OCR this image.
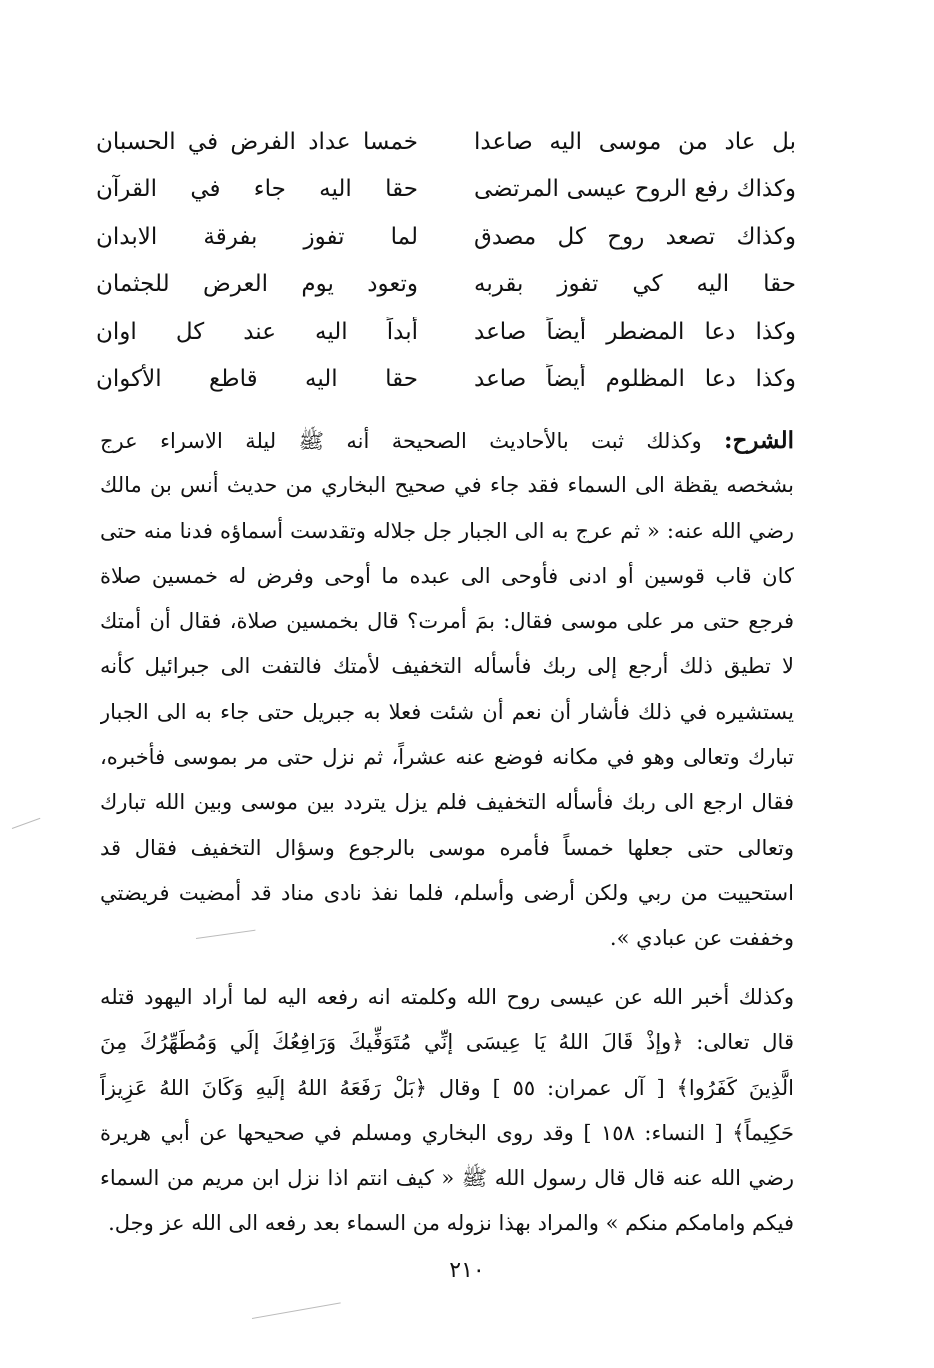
بل عاد من موسى اليه صاعدا
خمسا عداد الفرض في الحسبان
وكذاك رفع الروح عيسى المرتضى
حقا اليه جاء في القرآن
وكذاك تصعد روح كل مصدق
لما تفوز بفرقة الابدان
حقا اليه كي تفوز بقربه
وتعود يوم العرض للجثمان
وكذا دعا المضطر أيضاً صاعد
أبداً اليه عند كل اوان
وكذا دعا المظلوم أيضاً صاعد
حقا اليه قاطع الأكوان
الشرح: وكذلك ثبت بالأحاديث الصحيحة أنه ﷺ ليلة الاسراء عرج
بشخصه يقظة الى السماء فقد جاء في صحيح البخاري من حديث أنس بن مالك
رضي الله عنه: « ثم عرج به الى الجبار جل جلاله وتقدست أسماؤه فدنا منه حتى
كان قاب قوسين أو ادنى فأوحى الى عبده ما أوحى وفرض له خمسين صلاة
فرجع حتى مر على موسى فقال: بمَ أمرت؟ قال بخمسين صلاة، فقال أن أمتك
لا تطيق ذلك أرجع إلى ربك فأسأله التخفيف لأمتك فالتفت الى جبرائيل كأنه
يستشيره في ذلك فأشار أن نعم أن شئت فعلا به جبريل حتى جاء به الى الجبار
تبارك وتعالى وهو في مكانه فوضع عنه عشراً، ثم نزل حتى مر بموسى فأخبره،
فقال ارجع الى ربك فأسأله التخفيف فلم يزل يتردد بين موسى وبين الله تبارك
وتعالى حتى جعلها خمساً فأمره موسى بالرجوع وسؤال التخفيف فقال قد
استحييت من ربي ولكن أرضى وأسلم، فلما نفذ نادى مناد قد أمضيت فريضتي
وخففت عن عبادي ».
وكذلك أخبر الله عن عيسى روح الله وكلمته انه رفعه اليه لما أراد اليهود قتله
قال تعالى: ﴿وإذْ قَالَ اللهُ يَا عِيسَى إنِّي مُتَوَفِّيكَ وَرَافِعُكَ إلَي وَمُطَهِّرُكَ مِنَ
الَّذِينَ كَفَرُوا﴾ [ آل عمران: ٥٥ ] وقال ﴿بَلْ رَفَعَهُ اللهُ إلَيهِ وَكَانَ اللهُ عَزِيزاً
حَكِيماً﴾ [ النساء: ١٥٨ ] وقد روى البخاري ومسلم في صحيحها عن أبي هريرة
رضي الله عنه قال قال رسول الله ﷺ « كيف انتم اذا نزل ابن مريم من السماء
فيكم وامامكم منكم » والمراد بهذا نزوله من السماء بعد رفعه الى الله عز وجل.
٢١٠
